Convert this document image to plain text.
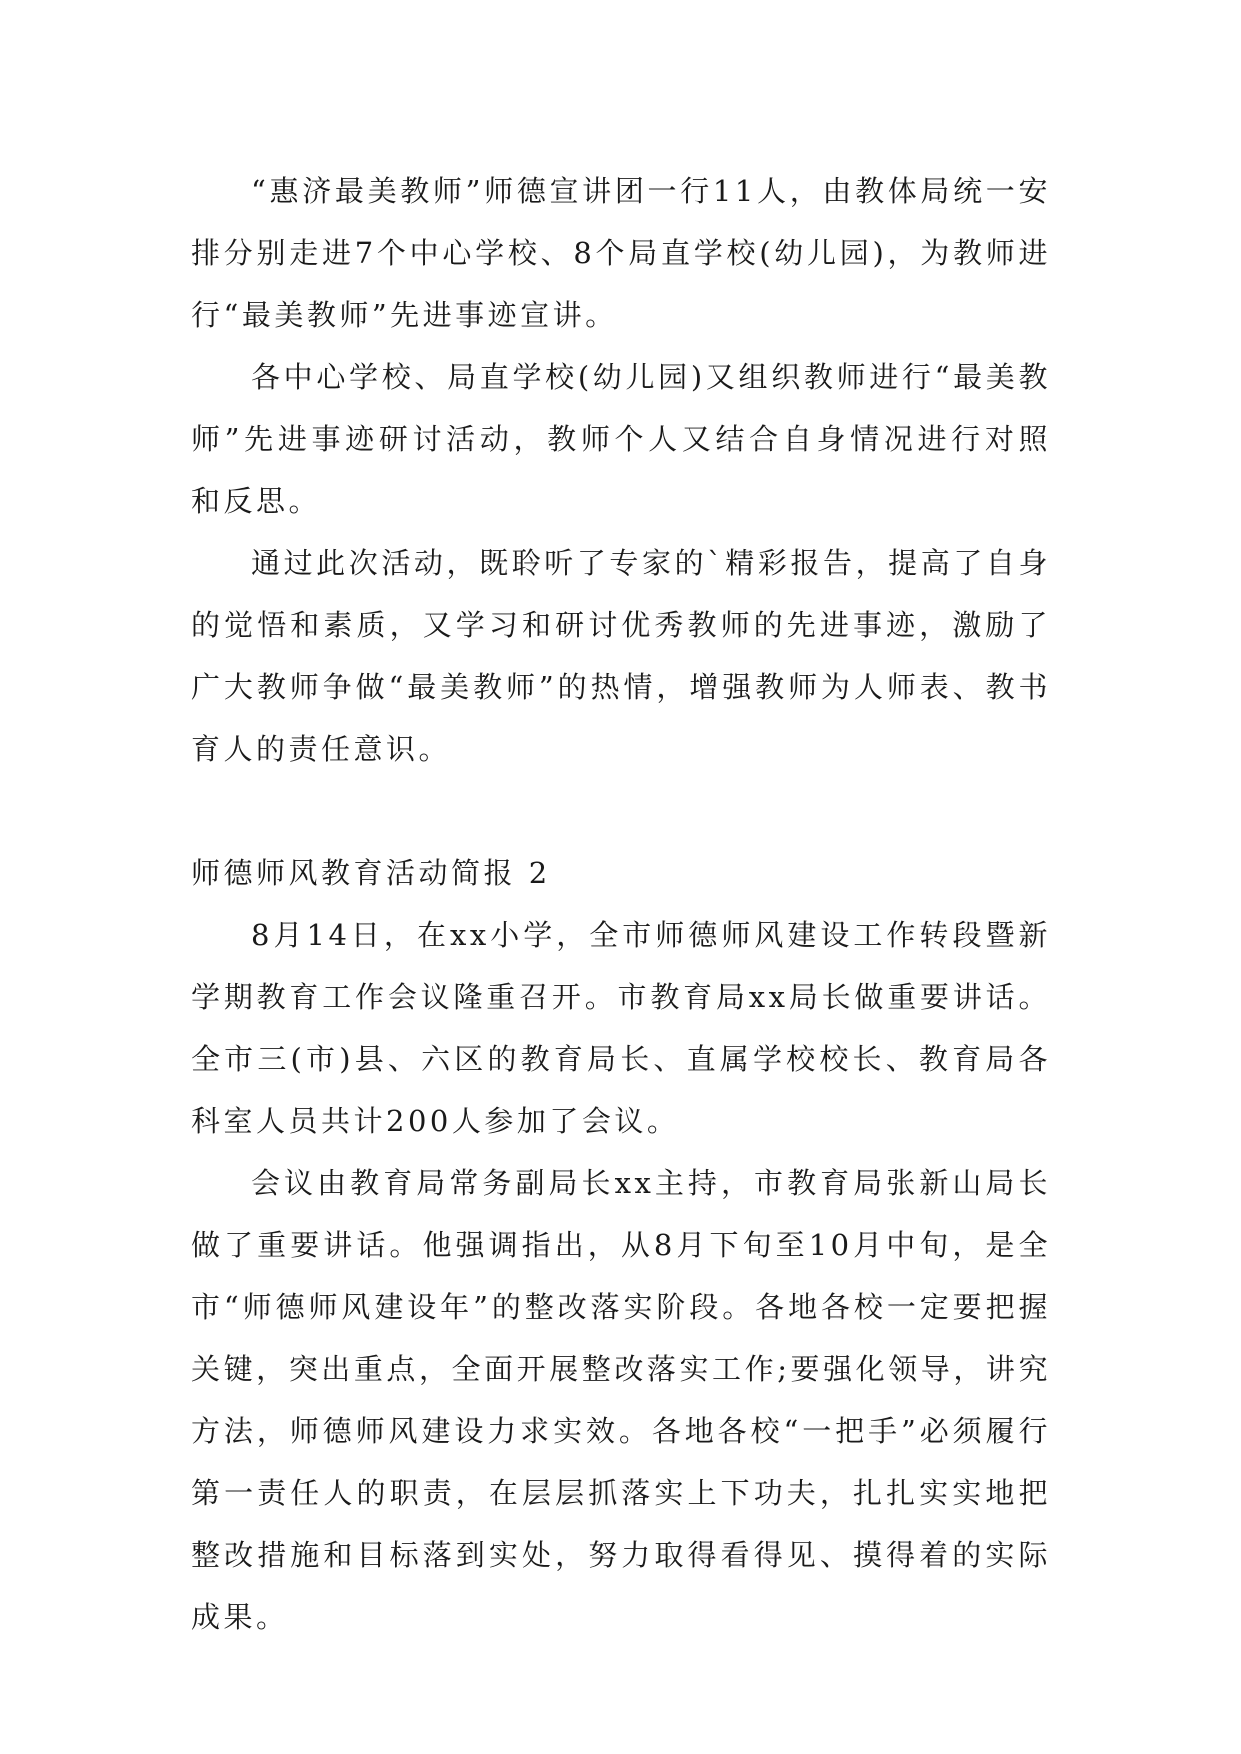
“惠济最美教师”师德宣讲团一行11人，由教体局统一安排分别走进7个中心学校、8个局直学校(幼儿园)，为教师进行“最美教师”先进事迹宣讲。

各中心学校、局直学校(幼儿园)又组织教师进行“最美教师”先进事迹研讨活动，教师个人又结合自身情况进行对照和反思。

通过此次活动，既聆听了专家的`精彩报告，提高了自身的觉悟和素质，又学习和研讨优秀教师的先进事迹，激励了广大教师争做“最美教师”的热情，增强教师为人师表、教书育人的责任意识。

师德师风教育活动简报 2

8月14日，在xx小学，全市师德师风建设工作转段暨新学期教育工作会议隆重召开。市教育局xx局长做重要讲话。全市三(市)县、六区的教育局长、直属学校校长、教育局各科室人员共计200人参加了会议。

会议由教育局常务副局长xx主持，市教育局张新山局长做了重要讲话。他强调指出，从8月下旬至10月中旬，是全市“师德师风建设年”的整改落实阶段。各地各校一定要把握关键，突出重点，全面开展整改落实工作;要强化领导，讲究方法，师德师风建设力求实效。各地各校“一把手”必须履行第一责任人的职责，在层层抓落实上下功夫，扎扎实实地把整改措施和目标落到实处，努力取得看得见、摸得着的实际成果。
